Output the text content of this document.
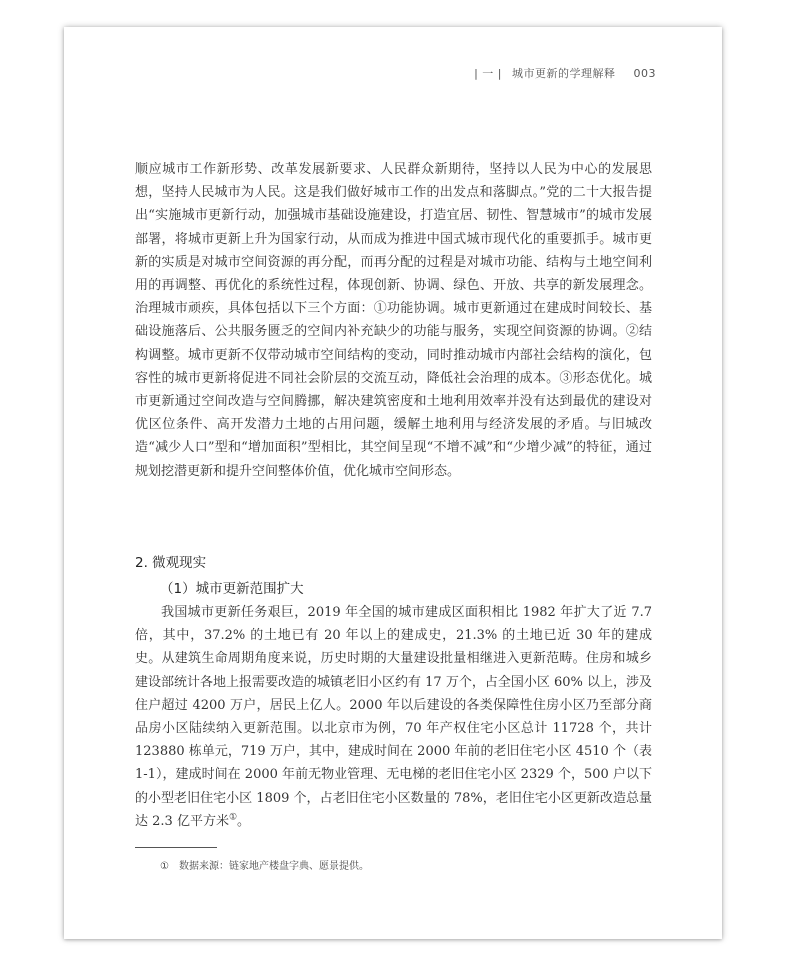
| 一 | 城市更新的学理解释 003

顺应城市工作新形势、改革发展新要求、人民群众新期待，坚持以人民为中心的发展思想，坚持人民城市为人民。这是我们做好城市工作的出发点和落脚点。”党的二十大报告提出“实施城市更新行动，加强城市基础设施建设，打造宜居、韧性、智慧城市”的城市发展部署，将城市更新上升为国家行动，从而成为推进中国式城市现代化的重要抓手。城市更新的实质是对城市空间资源的再分配，而再分配的过程是对城市功能、结构与土地空间利用的再调整、再优化的系统性过程，体现创新、协调、绿色、开放、共享的新发展理念。治理城市顽疾，具体包括以下三个方面：①功能协调。城市更新通过在建成时间较长、基础设施落后、公共服务匮乏的空间内补充缺少的功能与服务，实现空间资源的协调。②结构调整。城市更新不仅带动城市空间结构的变动，同时推动城市内部社会结构的演化，包容性的城市更新将促进不同社会阶层的交流互动，降低社会治理的成本。③形态优化。城市更新通过空间改造与空间腾挪，解决建筑密度和土地利用效率并没有达到最优的建设对优区位条件、高开发潜力土地的占用问题，缓解土地利用与经济发展的矛盾。与旧城改造“减少人口”型和“增加面积”型相比，其空间呈现“不增不减”和“少增少减”的特征，通过规划挖潜更新和提升空间整体价值，优化城市空间形态。

2. 微观现实
（1）城市更新范围扩大

我国城市更新任务艰巨，2019 年全国的城市建成区面积相比 1982 年扩大了近 7.7 倍，其中，37.2% 的土地已有 20 年以上的建成史，21.3% 的土地已近 30 年的建成史。从建筑生命周期角度来说，历史时期的大量建设批量相继进入更新范畴。住房和城乡建设部统计各地上报需要改造的城镇老旧小区约有 17 万个，占全国小区 60% 以上，涉及住户超过 4200 万户，居民上亿人。2000 年以后建设的各类保障性住房小区乃至部分商品房小区陆续纳入更新范围。以北京市为例，70 年产权住宅小区总计 11728 个，共计 123880 栋单元，719 万户，其中，建成时间在 2000 年前的老旧住宅小区 4510 个（表 1-1），建成时间在 2000 年前无物业管理、无电梯的老旧住宅小区 2329 个，500 户以下的小型老旧住宅小区 1809 个，占老旧住宅小区数量的 78%，老旧住宅小区更新改造总量达 2.3 亿平方米①。

① 数据来源：链家地产楼盘字典、愿景提供。
